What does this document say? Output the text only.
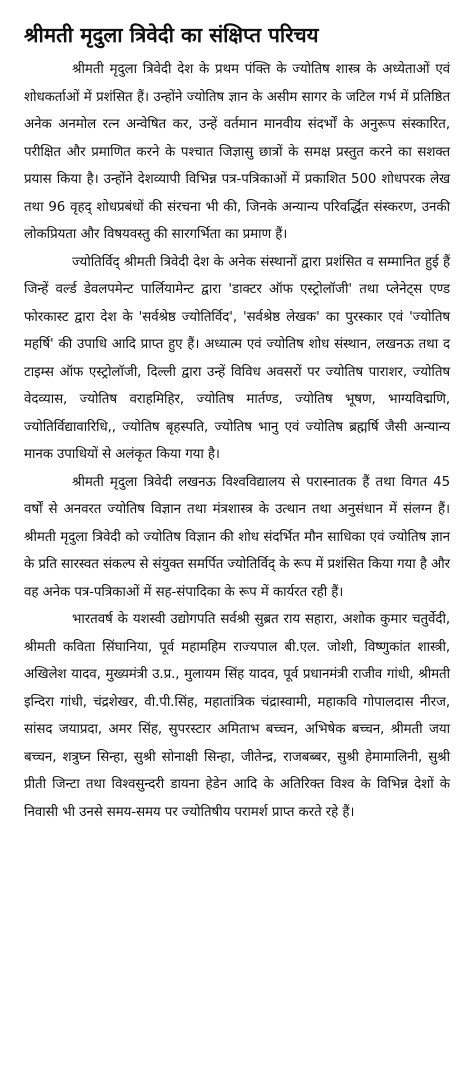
श्रीमती मृदुला त्रिवेदी का संक्षिप्त परिचय

श्रीमती मृदुला त्रिवेदी देश के प्रथम पंक्ति के ज्योतिष शास्त्र के अध्येताओं एवं शोधकर्ताओं में प्रशंसित हैं। उन्होंने ज्योतिष ज्ञान के असीम सागर के जटिल गर्भ में प्रतिष्ठित अनेक अनमोल रत्न अन्वेषित कर, उन्हें वर्तमान मानवीय संदर्भों के अनुरूप संस्कारित, परीक्षित और प्रमाणित करने के पश्चात जिज्ञासु छात्रों के समक्ष प्रस्तुत करने का सशक्त प्रयास किया है। उन्होंने देशव्यापी विभिन्न पत्र-पत्रिकाओं में प्रकाशित 500 शोधपरक लेख तथा 96 वृहद् शोधप्रबंधों की संरचना भी की, जिनके अन्यान्य परिवर्द्धित संस्करण, उनकी लोकप्रियता और विषयवस्तु की सारगर्भिता का प्रमाण हैं।

ज्योतिर्विद् श्रीमती त्रिवेदी देश के अनेक संस्थानों द्वारा प्रशंसित व सम्मानित हुई हैं जिन्हें वर्ल्ड डेवलपमेन्ट पार्लियामेन्ट द्वारा 'डाक्टर ऑफ एस्ट्रोलॉजी' तथा प्लेनेट्स एण्ड फोरकास्ट द्वारा देश के 'सर्वश्रेष्ठ ज्योतिर्विद', 'सर्वश्रेष्ठ लेखक' का पुरस्कार एवं 'ज्योतिष महर्षि' की उपाधि आदि प्राप्त हुए हैं। अध्यात्म एवं ज्योतिष शोध संस्थान, लखनऊ तथा द टाइम्स ऑफ एस्ट्रोलॉजी, दिल्ली द्वारा उन्हें विविध अवसरों पर ज्योतिष पाराशर, ज्योतिष वेदव्यास, ज्योतिष वराहमिहिर, ज्योतिष मार्तण्ड, ज्योतिष भूषण, भाग्यविद्मणि, ज्योतिर्विद्यावारिधि,, ज्योतिष बृहस्पति, ज्योतिष भानु एवं ज्योतिष ब्रह्मर्षि जैसी अन्यान्य मानक उपाधियों से अलंकृत किया गया है।

श्रीमती मृदुला त्रिवेदी लखनऊ विश्वविद्यालय से परास्नातक हैं तथा विगत 45 वर्षों से अनवरत ज्योतिष विज्ञान तथा मंत्रशास्त्र के उत्थान तथा अनुसंधान में संलग्न हैं। श्रीमती मृदुला त्रिवेदी को ज्योतिष विज्ञान की शोध संदर्भित मौन साधिका एवं ज्योतिष ज्ञान के प्रति सारस्वत संकल्प से संयुक्त समर्पित ज्योतिर्विद् के रूप में प्रशंसित किया गया है और वह अनेक पत्र-पत्रिकाओं में सह-संपादिका के रूप में कार्यरत रही हैं।

भारतवर्ष के यशस्वी उद्योगपति सर्वश्री सुब्रत राय सहारा, अशोक कुमार चतुर्वेदी, श्रीमती कविता सिंघानिया, पूर्व महामहिम राज्यपाल बी.एल. जोशी, विष्णुकांत शास्त्री, अखिलेश यादव, मुख्यमंत्री उ.प्र., मुलायम सिंह यादव, पूर्व प्रधानमंत्री राजीव गांधी, श्रीमती इन्दिरा गांधी, चंद्रशेखर, वी.पी.सिंह, महातांत्रिक चंद्रास्वामी, महाकवि गोपालदास नीरज, सांसद जयाप्रदा, अमर सिंह, सुपरस्टार अमिताभ बच्चन, अभिषेक बच्चन, श्रीमती जया बच्चन, शत्रुघ्न सिन्हा, सुश्री सोनाक्षी सिन्हा, जीतेन्द्र, राजबब्बर, सुश्री हेमामालिनी, सुश्री प्रीती जिन्टा तथा विश्वसुन्दरी डायना हेडेन आदि के अतिरिक्त विश्व के विभिन्न देशों के निवासी भी उनसे समय-समय पर ज्योतिषीय परामर्श प्राप्त करते रहे हैं।
